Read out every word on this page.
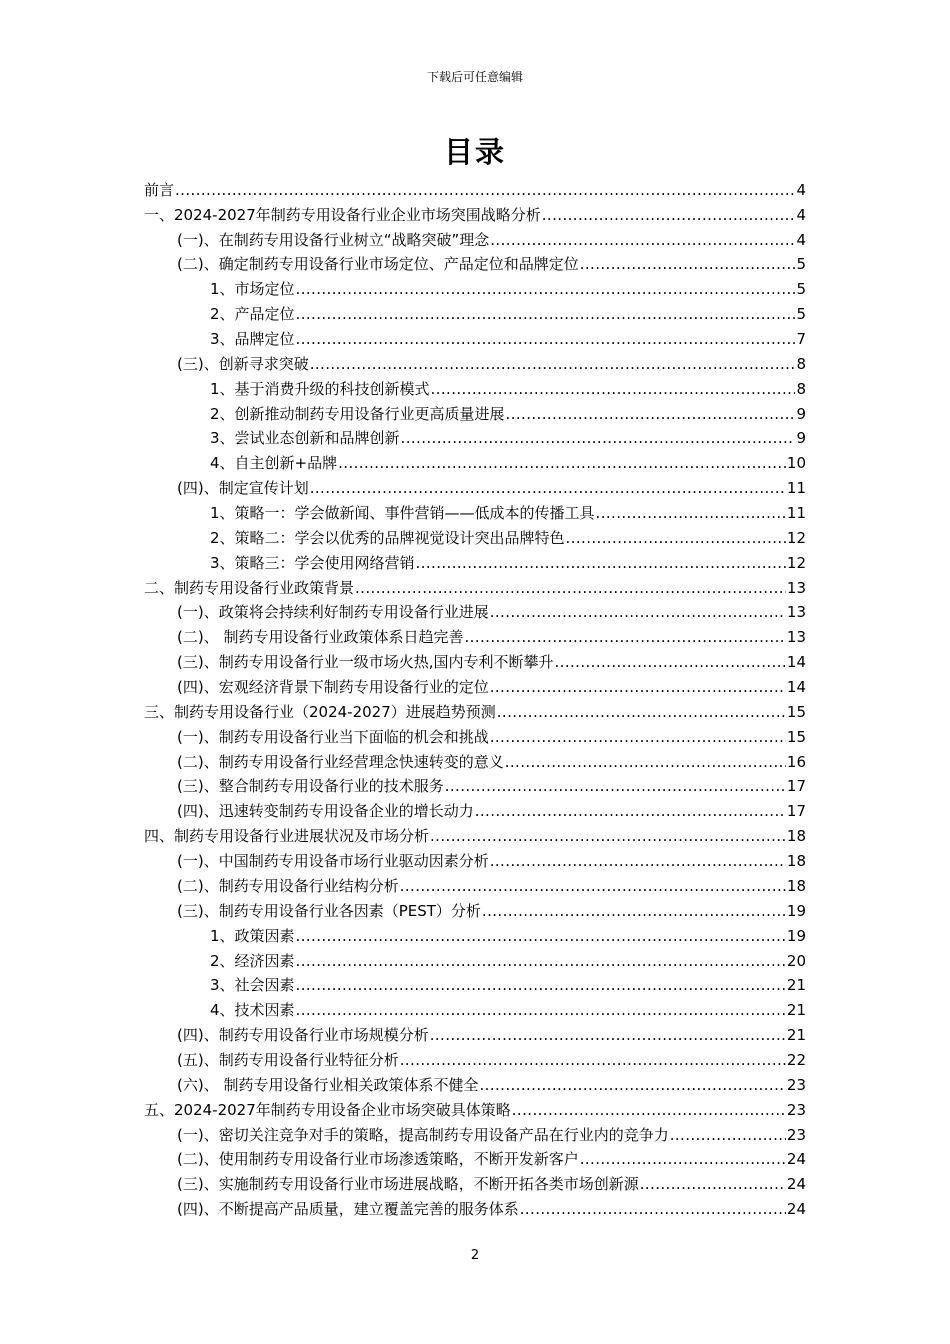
下载后可任意编辑
目录
前言 .....	4
一、2024-2027年制药专用设备行业企业市场突围战略分析 .....	4
(一)、在制药专用设备行业树立“战略突破”理念 .....	4
(二)、确定制药专用设备行业市场定位、产品定位和品牌定位 .....	5
1、市场定位 .....	5
2、产品定位 .....	5
3、品牌定位 .....	7
(三)、创新寻求突破 .....	8
1、基于消费升级的科技创新模式 .....	8
2、创新推动制药专用设备行业更高质量进展 .....	9
3、尝试业态创新和品牌创新 .....	9
4、自主创新+品牌 .....	10
(四)、制定宣传计划 .....	11
1、策略一：学会做新闻、事件营销——低成本的传播工具 .....	11
2、策略二：学会以优秀的品牌视觉设计突出品牌特色 .....	12
3、策略三：学会使用网络营销 .....	12
二、制药专用设备行业政策背景 .....	13
(一)、政策将会持续利好制药专用设备行业进展 .....	13
(二)、 制药专用设备行业政策体系日趋完善 .....	13
(三)、制药专用设备行业一级市场火热,国内专利不断攀升 .....	14
(四)、宏观经济背景下制药专用设备行业的定位 .....	14
三、制药专用设备行业（2024-2027）进展趋势预测 .....	15
(一)、制药专用设备行业当下面临的机会和挑战 .....	15
(二)、制药专用设备行业经营理念快速转变的意义 .....	16
(三)、整合制药专用设备行业的技术服务 .....	17
(四)、迅速转变制药专用设备企业的增长动力 .....	17
四、制药专用设备行业进展状况及市场分析 .....	18
(一)、中国制药专用设备市场行业驱动因素分析 .....	18
(二)、制药专用设备行业结构分析 .....	18
(三)、制药专用设备行业各因素（PEST）分析 .....	19
1、政策因素 .....	19
2、经济因素 .....	20
3、社会因素 .....	21
4、技术因素 .....	21
(四)、制药专用设备行业市场规模分析 .....	21
(五)、制药专用设备行业特征分析 .....	22
(六)、 制药专用设备行业相关政策体系不健全 .....	23
五、2024-2027年制药专用设备企业市场突破具体策略 .....	23
(一)、密切关注竞争对手的策略，提高制药专用设备产品在行业内的竞争力 .....	23
(二)、使用制药专用设备行业市场渗透策略，不断开发新客户 .....	24
(三)、实施制药专用设备行业市场进展战略，不断开拓各类市场创新源 .....	24
(四)、不断提高产品质量，建立覆盖完善的服务体系 .....	24
2
